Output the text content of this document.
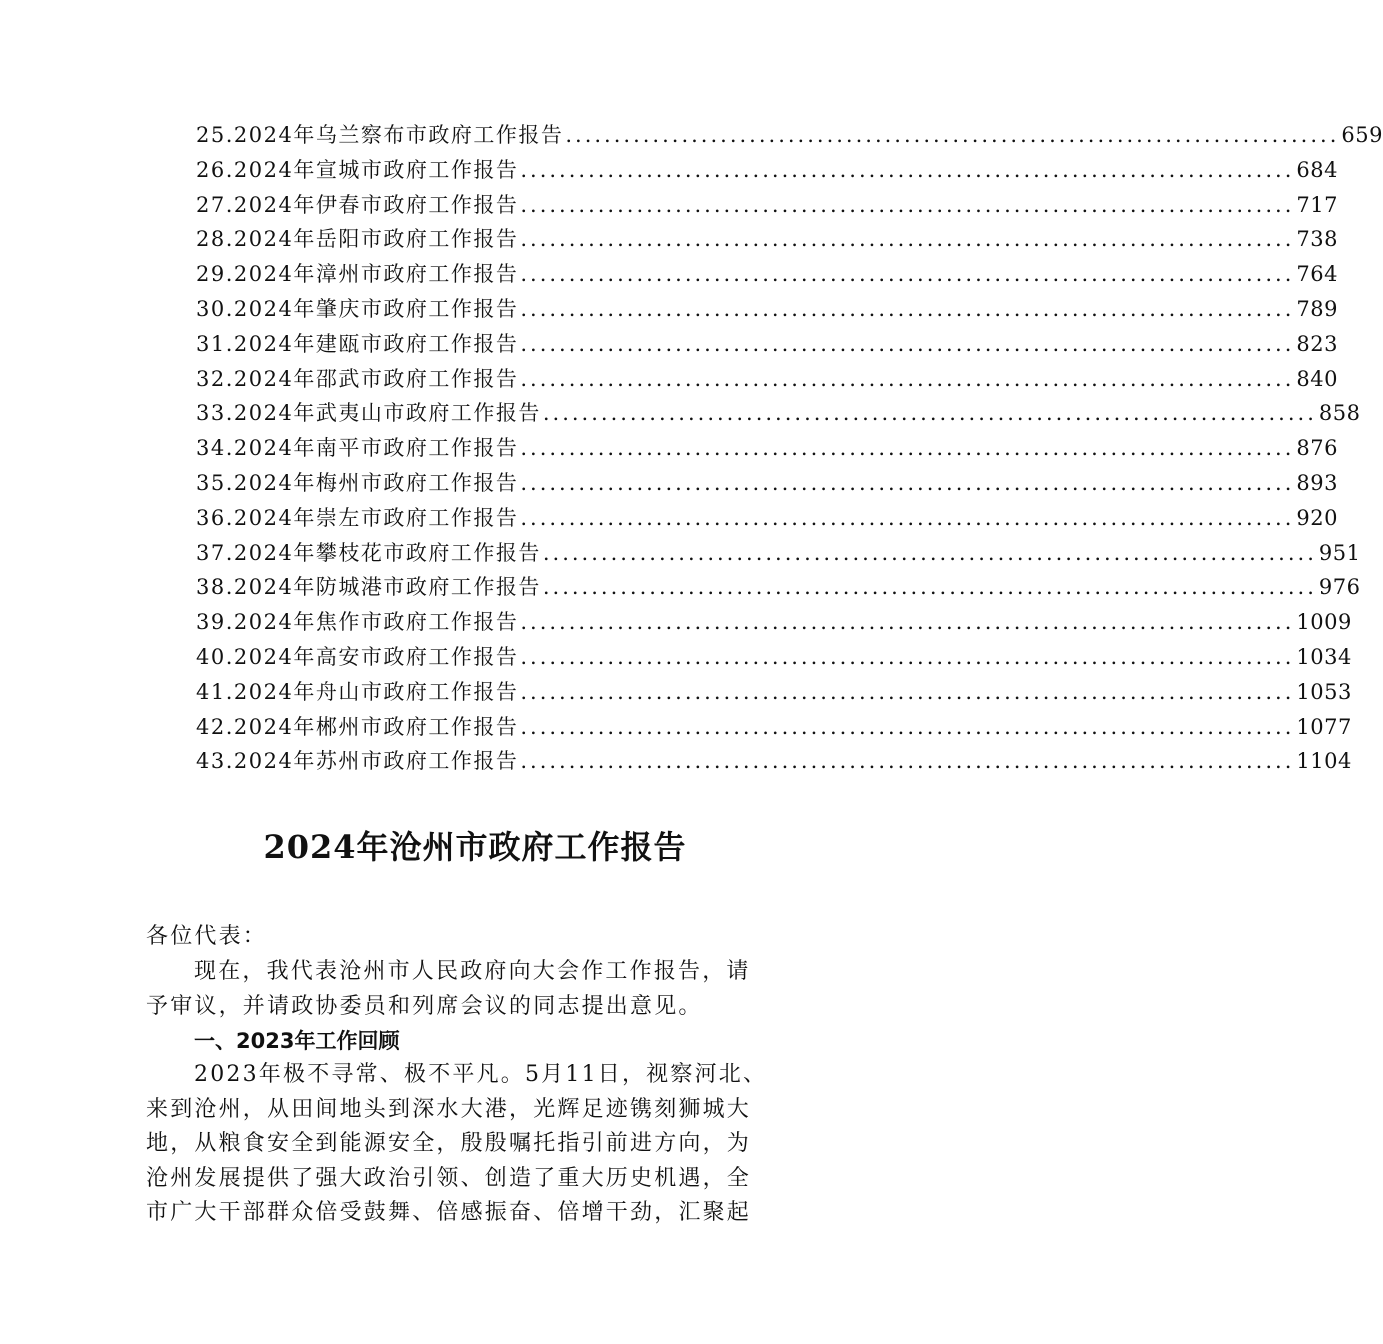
25.2024年乌兰察布市政府工作报告 ................................................................................ 659
26.2024年宣城市政府工作报告 ................................................................................ 684
27.2024年伊春市政府工作报告 ................................................................................ 717
28.2024年岳阳市政府工作报告 ................................................................................ 738
29.2024年漳州市政府工作报告 ................................................................................ 764
30.2024年肇庆市政府工作报告 ................................................................................ 789
31.2024年建瓯市政府工作报告 ................................................................................ 823
32.2024年邵武市政府工作报告 ................................................................................ 840
33.2024年武夷山市政府工作报告 ................................................................................ 858
34.2024年南平市政府工作报告 ................................................................................ 876
35.2024年梅州市政府工作报告 ................................................................................ 893
36.2024年崇左市政府工作报告 ................................................................................ 920
37.2024年攀枝花市政府工作报告 ................................................................................ 951
38.2024年防城港市政府工作报告 ................................................................................ 976
39.2024年焦作市政府工作报告 ................................................................................ 1009
40.2024年高安市政府工作报告 ................................................................................ 1034
41.2024年舟山市政府工作报告 ................................................................................ 1053
42.2024年郴州市政府工作报告 ................................................................................ 1077
43.2024年苏州市政府工作报告 ................................................................................ 1104
2024年沧州市政府工作报告
各位代表：
现在，我代表沧州市人民政府向大会作工作报告，请
予审议，并请政协委员和列席会议的同志提出意见。
一、2023年工作回顾
2023年极不寻常、极不平凡。5月11日，视察河北、
来到沧州，从田间地头到深水大港，光辉足迹镌刻狮城大
地，从粮食安全到能源安全，殷殷嘱托指引前进方向，为
沧州发展提供了强大政治引领、创造了重大历史机遇，全
市广大干部群众倍受鼓舞、倍感振奋、倍增干劲，汇聚起
